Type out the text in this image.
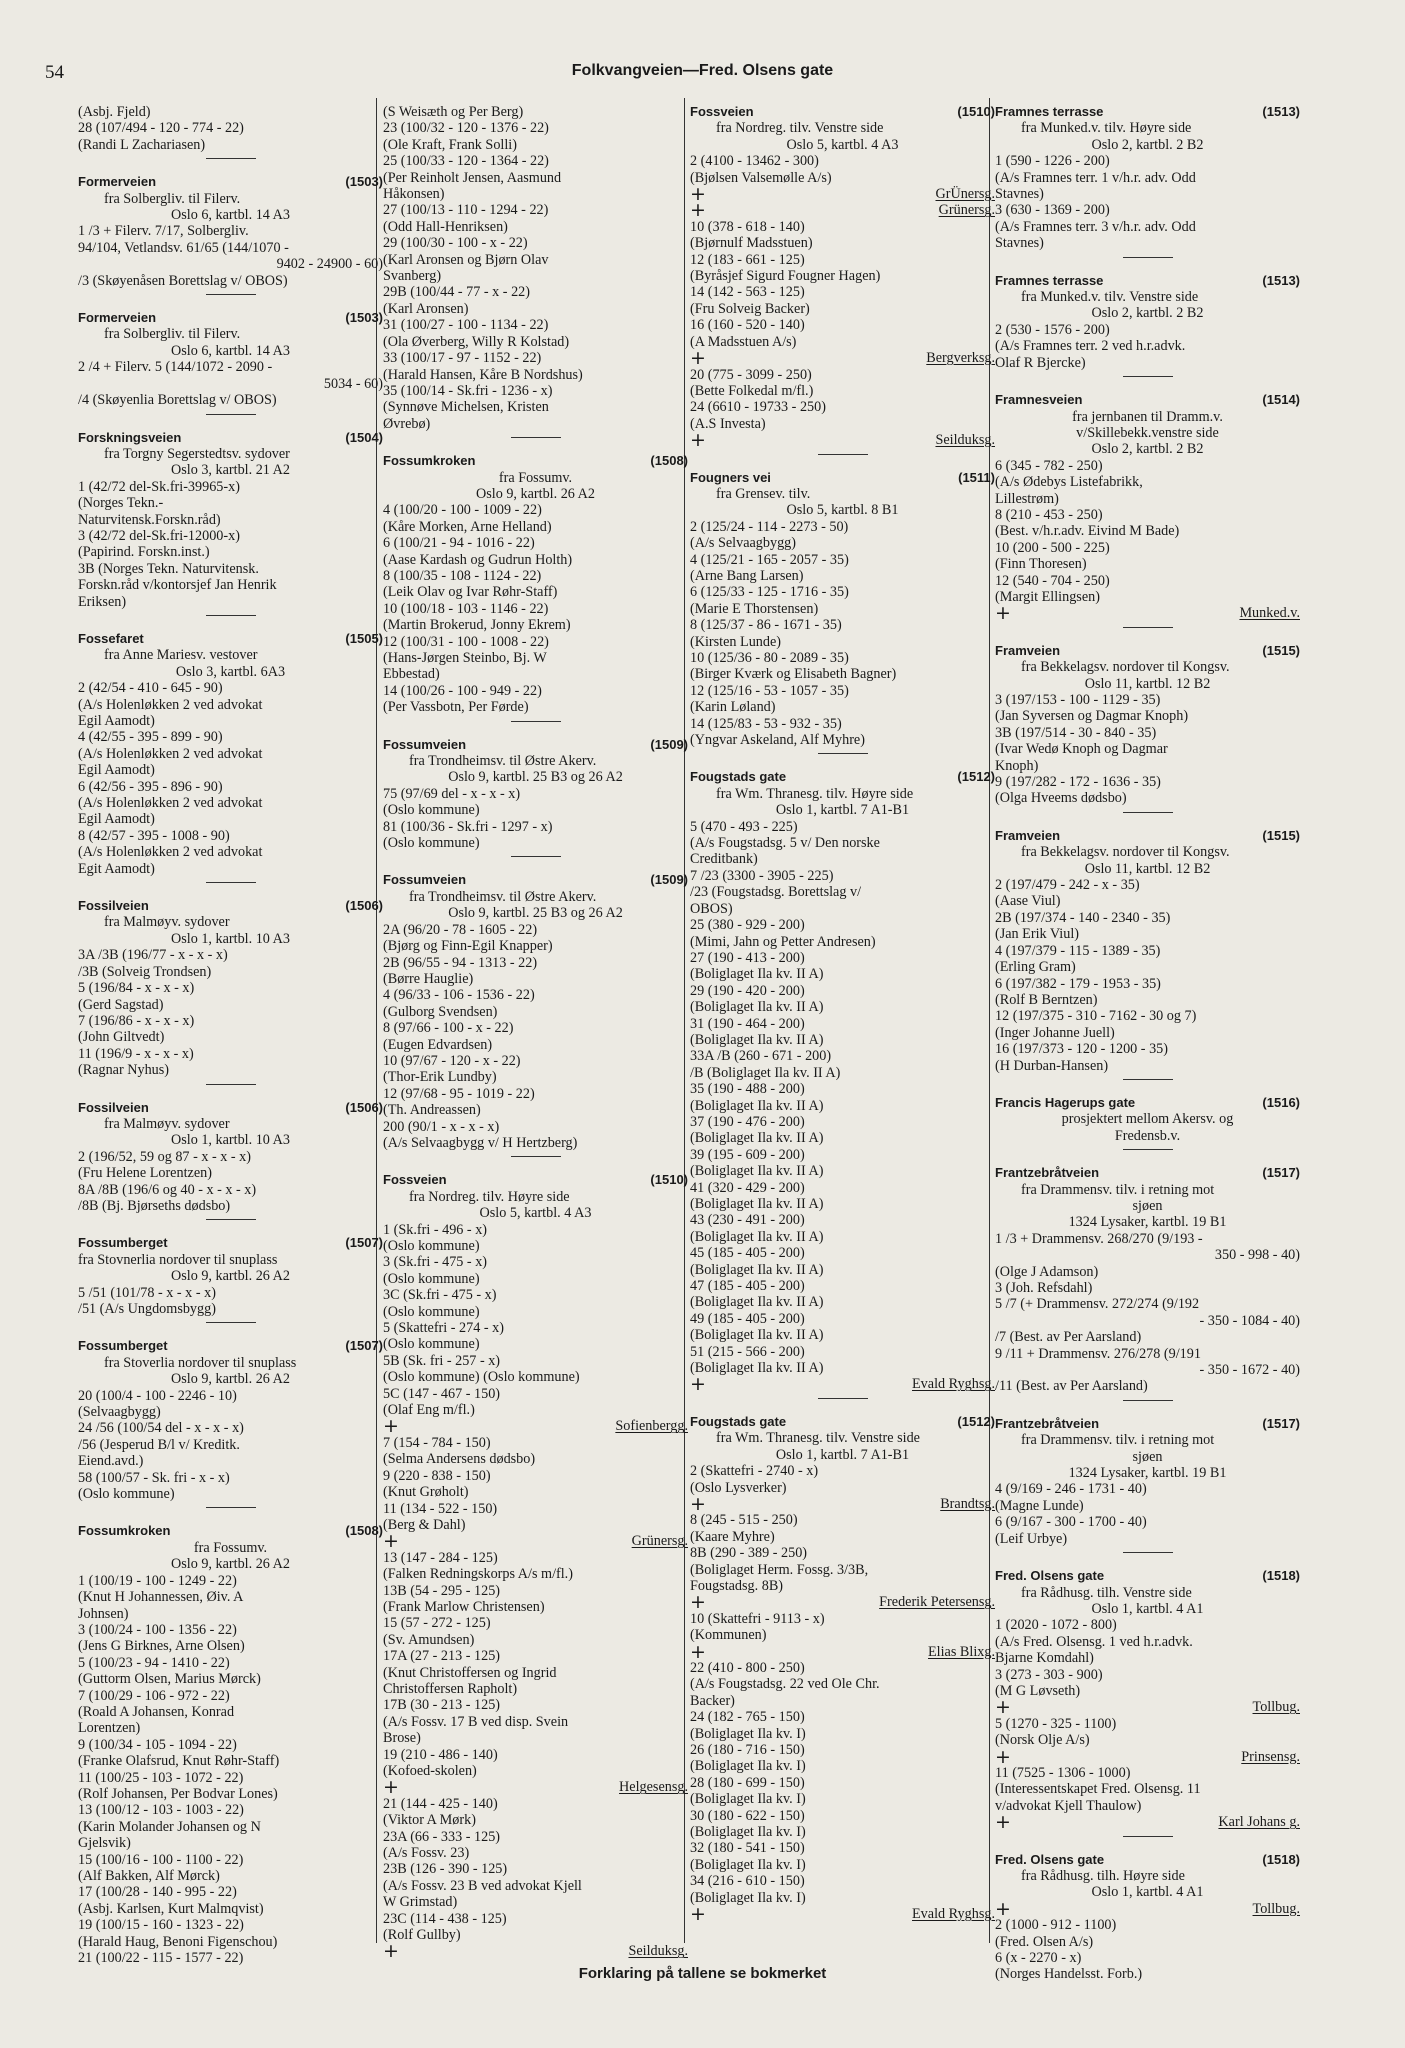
54	Folkvangveien—Fred. Olsens gate
(Asbj. Fjeld)
28 (107/494 - 120 - 774 - 22)
(Randi L Zachariasen)
Formerveien	(1503)
fra Solbergliv. til Filerv.
Oslo 6, kartbl. 14 A3
1 /3 + Filerv. 7/17, Solbergliv.
94/104, Vetlandsv. 61/65 (144/1070 -
9402 - 24900 - 60)
/3 (Skøyenåsen Borettslag v/ OBOS)
Formerveien	(1503)
fra Solbergliv. til Filerv.
Oslo 6, kartbl. 14 A3
2 /4 + Filerv. 5 (144/1072 - 2090 -
5034 - 60)
/4 (Skøyenlia Borettslag v/ OBOS)
Forskningsveien	(1504)
fra Torgny Segerstedtsv. sydover
Oslo 3, kartbl. 21 A2
1 (42/72 del-Sk.fri-39965-x)
(Norges Tekn.-
Naturvitensk.Forskn.råd)
3 (42/72 del-Sk.fri-12000-x)
(Papirind. Forskn.inst.)
3B (Norges Tekn. Naturvitensk.
Forskn.råd v/kontorsjef Jan Henrik
Eriksen)
Fossefaret	(1505)
fra Anne Mariesv. vestover
Oslo 3, kartbl. 6A3
2 (42/54 - 410 - 645 - 90)
(A/s Holenløkken 2 ved advokat
Egil Aamodt)
4 (42/55 - 395 - 899 - 90)
(A/s Holenløkken 2 ved advokat
Egil Aamodt)
6 (42/56 - 395 - 896 - 90)
(A/s Holenløkken 2 ved advokat
Egil Aamodt)
8 (42/57 - 395 - 1008 - 90)
(A/s Holenløkken 2 ved advokat
Egit Aamodt)
Fossilveien	(1506)
fra Malmøyv. sydover
Oslo 1, kartbl. 10 A3
3A /3B (196/77 - x - x - x)
/3B (Solveig Trondsen)
5 (196/84 - x - x - x)
(Gerd Sagstad)
7 (196/86 - x - x - x)
(John Giltvedt)
11 (196/9 - x - x - x)
(Ragnar Nyhus)
Fossilveien	(1506)
fra Malmøyv. sydover
Oslo 1, kartbl. 10 A3
2 (196/52, 59 og 87 - x - x - x)
(Fru Helene Lorentzen)
8A /8B (196/6 og 40 - x - x - x)
/8B (Bj. Bjørseths dødsbo)
Fossumberget	(1507)
fra Stovnerlia nordover til snuplass
Oslo 9, kartbl. 26 A2
5 /51 (101/78 - x - x - x)
/51 (A/s Ungdomsbygg)
Fossumberget	(1507)
fra Stoverlia nordover til snuplass
Oslo 9, kartbl. 26 A2
20 (100/4 - 100 - 2246 - 10)
(Selvaagbygg)
24 /56 (100/54 del - x - x - x)
/56 (Jesperud B/l v/ Kreditk.
Eiend.avd.)
58 (100/57 - Sk. fri - x - x)
(Oslo kommune)
Fossumkroken	(1508)
fra Fossumv.
Oslo 9, kartbl. 26 A2
1 (100/19 - 100 - 1249 - 22)
(Knut H Johannessen, Øiv. A
Johnsen)
3 (100/24 - 100 - 1356 - 22)
(Jens G Birknes, Arne Olsen)
5 (100/23 - 94 - 1410 - 22)
(Guttorm Olsen, Marius Mørck)
7 (100/29 - 106 - 972 - 22)
(Roald A Johansen, Konrad
Lorentzen)
9 (100/34 - 105 - 1094 - 22)
(Franke Olafsrud, Knut Røhr-Staff)
11 (100/25 - 103 - 1072 - 22)
(Rolf Johansen, Per Bodvar Lones)
13 (100/12 - 103 - 1003 - 22)
(Karin Molander Johansen og N
Gjelsvik)
15 (100/16 - 100 - 1100 - 22)
(Alf Bakken, Alf Mørck)
17 (100/28 - 140 - 995 - 22)
(Asbj. Karlsen, Kurt Malmqvist)
19 (100/15 - 160 - 1323 - 22)
(Harald Haug, Benoni Figenschou)
21 (100/22 - 115 - 1577 - 22)
(S Weisæth og Per Berg)
23 (100/32 - 120 - 1376 - 22)
(Ole Kraft, Frank Solli)
25 (100/33 - 120 - 1364 - 22)
(Per Reinholt Jensen, Aasmund
Håkonsen)
27 (100/13 - 110 - 1294 - 22)
(Odd Hall-Henriksen)
29 (100/30 - 100 - x - 22)
(Karl Aronsen og Bjørn Olav
Svanberg)
29B (100/44 - 77 - x - 22)
(Karl Aronsen)
31 (100/27 - 100 - 1134 - 22)
(Ola Øverberg, Willy R Kolstad)
33 (100/17 - 97 - 1152 - 22)
(Harald Hansen, Kåre B Nordshus)
35 (100/14 - Sk.fri - 1236 - x)
(Synnøve Michelsen, Kristen
Øvrebø)
Fossumkroken	(1508)
fra Fossumv.
Oslo 9, kartbl. 26 A2
4 (100/20 - 100 - 1009 - 22)
(Kåre Morken, Arne Helland)
6 (100/21 - 94 - 1016 - 22)
(Aase Kardash og Gudrun Holth)
8 (100/35 - 108 - 1124 - 22)
(Leik Olav og Ivar Røhr-Staff)
10 (100/18 - 103 - 1146 - 22)
(Martin Brokerud, Jonny Ekrem)
12 (100/31 - 100 - 1008 - 22)
(Hans-Jørgen Steinbo, Bj. W
Ebbestad)
14 (100/26 - 100 - 949 - 22)
(Per Vassbotn, Per Førde)
Fossumveien	(1509)
fra Trondheimsv. til Østre Akerv.
Oslo 9, kartbl. 25 B3 og 26 A2
75 (97/69 del - x - x - x)
(Oslo kommune)
81 (100/36 - Sk.fri - 1297 - x)
(Oslo kommune)
Fossumveien	(1509)
fra Trondheimsv. til Østre Akerv.
Oslo 9, kartbl. 25 B3 og 26 A2
2A (96/20 - 78 - 1605 - 22)
(Bjørg og Finn-Egil Knapper)
2B (96/55 - 94 - 1313 - 22)
(Børre Hauglie)
4 (96/33 - 106 - 1536 - 22)
(Gulborg Svendsen)
8 (97/66 - 100 - x - 22)
(Eugen Edvardsen)
10 (97/67 - 120 - x - 22)
(Thor-Erik Lundby)
12 (97/68 - 95 - 1019 - 22)
(Th. Andreassen)
200 (90/1 - x - x - x)
(A/s Selvaagbygg v/ H Hertzberg)
Fossveien	(1510)
fra Nordreg. tilv. Høyre side
Oslo 5, kartbl. 4 A3
1 (Sk.fri - 496 - x)
(Oslo kommune)
3 (Sk.fri - 475 - x)
(Oslo kommune)
3C (Sk.fri - 475 - x)
(Oslo kommune)
5 (Skattefri - 274 - x)
(Oslo kommune)
5B (Sk. fri - 257 - x)
(Oslo kommune) (Oslo kommune)
5C (147 - 467 - 150)
(Olaf Eng m/fl.)
+	Sofienbergg.
7 (154 - 784 - 150)
(Selma Andersens dødsbo)
9 (220 - 838 - 150)
(Knut Grøholt)
11 (134 - 522 - 150)
(Berg & Dahl)
+	Grünersg.
13 (147 - 284 - 125)
(Falken Redningskorps A/s m/fl.)
13B (54 - 295 - 125)
(Frank Marlow Christensen)
15 (57 - 272 - 125)
(Sv. Amundsen)
17A (27 - 213 - 125)
(Knut Christoffersen og Ingrid
Christoffersen Rapholt)
17B (30 - 213 - 125)
(A/s Fossv. 17 B ved disp. Svein
Brose)
19 (210 - 486 - 140)
(Kofoed-skolen)
+	Helgesensg.
21 (144 - 425 - 140)
(Viktor A Mørk)
23A (66 - 333 - 125)
(A/s Fossv. 23)
23B (126 - 390 - 125)
(A/s Fossv. 23 B ved advokat Kjell
W Grimstad)
23C (114 - 438 - 125)
(Rolf Gullby)
+	Seilduksg.
Fossveien	(1510)
fra Nordreg. tilv. Venstre side
Oslo 5, kartbl. 4 A3
2 (4100 - 13462 - 300)
(Bjølsen Valsemølle A/s)
+	GrÜnersg.
+	Grünersg.
10 (378 - 618 - 140)
(Bjørnulf Madsstuen)
12 (183 - 661 - 125)
(Byråsjef Sigurd Fougner Hagen)
14 (142 - 563 - 125)
(Fru Solveig Backer)
16 (160 - 520 - 140)
(A Madsstuen A/s)
+	Bergverksg.
20 (775 - 3099 - 250)
(Bette Folkedal m/fl.)
24 (6610 - 19733 - 250)
(A.S Investa)
+	Seilduksg.
Fougners vei	(1511)
fra Grensev. tilv.
Oslo 5, kartbl. 8 B1
2 (125/24 - 114 - 2273 - 50)
(A/s Selvaagbygg)
4 (125/21 - 165 - 2057 - 35)
(Arne Bang Larsen)
6 (125/33 - 125 - 1716 - 35)
(Marie E Thorstensen)
8 (125/37 - 86 - 1671 - 35)
(Kirsten Lunde)
10 (125/36 - 80 - 2089 - 35)
(Birger Kværk og Elisabeth Bagner)
12 (125/16 - 53 - 1057 - 35)
(Karin Løland)
14 (125/83 - 53 - 932 - 35)
(Yngvar Askeland, Alf Myhre)
Fougstads gate	(1512)
fra Wm. Thranesg. tilv. Høyre side
Oslo 1, kartbl. 7 A1-B1
5 (470 - 493 - 225)
(A/s Fougstadsg. 5 v/ Den norske
Creditbank)
7 /23 (3300 - 3905 - 225)
/23 (Fougstadsg. Borettslag v/
OBOS)
25 (380 - 929 - 200)
(Mimi, Jahn og Petter Andresen)
27 (190 - 413 - 200)
(Boliglaget Ila kv. II A)
29 (190 - 420 - 200)
(Boliglaget Ila kv. II A)
31 (190 - 464 - 200)
(Boliglaget Ila kv. II A)
33A /B (260 - 671 - 200)
/B (Boliglaget Ila kv. II A)
35 (190 - 488 - 200)
(Boliglaget Ila kv. II A)
37 (190 - 476 - 200)
(Boliglaget Ila kv. II A)
39 (195 - 609 - 200)
(Boliglaget Ila kv. II A)
41 (320 - 429 - 200)
(Boliglaget Ila kv. II A)
43 (230 - 491 - 200)
(Boliglaget Ila kv. II A)
45 (185 - 405 - 200)
(Boliglaget Ila kv. II A)
47 (185 - 405 - 200)
(Boliglaget Ila kv. II A)
49 (185 - 405 - 200)
(Boliglaget Ila kv. II A)
51 (215 - 566 - 200)
(Boliglaget Ila kv. II A)
+	Evald Ryghsg.
Fougstads gate	(1512)
fra Wm. Thranesg. tilv. Venstre side
Oslo 1, kartbl. 7 A1-B1
2 (Skattefri - 2740 - x)
(Oslo Lysverker)
+	Brandtsg.
8 (245 - 515 - 250)
(Kaare Myhre)
8B (290 - 389 - 250)
(Boliglaget Herm. Fossg. 3/3B,
Fougstadsg. 8B)
+	Frederik Petersensg.
10 (Skattefri - 9113 - x)
(Kommunen)
+	Elias Blixg.
22 (410 - 800 - 250)
(A/s Fougstadsg. 22 ved Ole Chr.
Backer)
24 (182 - 765 - 150)
(Boliglaget Ila kv. I)
26 (180 - 716 - 150)
(Boliglaget Ila kv. I)
28 (180 - 699 - 150)
(Boliglaget Ila kv. I)
30 (180 - 622 - 150)
(Boliglaget Ila kv. I)
32 (180 - 541 - 150)
(Boliglaget Ila kv. I)
34 (216 - 610 - 150)
(Boliglaget Ila kv. I)
+	Evald Ryghsg.
Framnes terrasse	(1513)
fra Munked.v. tilv. Høyre side
Oslo 2, kartbl. 2 B2
1 (590 - 1226 - 200)
(A/s Framnes terr. 1 v/h.r. adv. Odd
Stavnes)
3 (630 - 1369 - 200)
(A/s Framnes terr. 3 v/h.r. adv. Odd
Stavnes)
Framnes terrasse	(1513)
fra Munked.v. tilv. Venstre side
Oslo 2, kartbl. 2 B2
2 (530 - 1576 - 200)
(A/s Framnes terr. 2 ved h.r.advk.
Olaf R Bjercke)
Framnesveien	(1514)
fra jernbanen til Dramm.v.
v/Skillebekk.venstre side
Oslo 2, kartbl. 2 B2
6 (345 - 782 - 250)
(A/s Ødebys Listefabrikk,
Lillestrøm)
8 (210 - 453 - 250)
(Best. v/h.r.adv. Eivind M Bade)
10 (200 - 500 - 225)
(Finn Thoresen)
12 (540 - 704 - 250)
(Margit Ellingsen)
+	Munked.v.
Framveien	(1515)
fra Bekkelagsv. nordover til Kongsv.
Oslo 11, kartbl. 12 B2
3 (197/153 - 100 - 1129 - 35)
(Jan Syversen og Dagmar Knoph)
3B (197/514 - 30 - 840 - 35)
(Ivar Wedø Knoph og Dagmar
Knoph)
9 (197/282 - 172 - 1636 - 35)
(Olga Hveems dødsbo)
Framveien	(1515)
fra Bekkelagsv. nordover til Kongsv.
Oslo 11, kartbl. 12 B2
2 (197/479 - 242 - x - 35)
(Aase Viul)
2B (197/374 - 140 - 2340 - 35)
(Jan Erik Viul)
4 (197/379 - 115 - 1389 - 35)
(Erling Gram)
6 (197/382 - 179 - 1953 - 35)
(Rolf B Berntzen)
12 (197/375 - 310 - 7162 - 30 og 7)
(Inger Johanne Juell)
16 (197/373 - 120 - 1200 - 35)
(H Durban-Hansen)
Francis Hagerups gate	(1516)
prosjektert mellom Akersv. og
Fredensb.v.
Frantzebråtveien	(1517)
fra Drammensv. tilv. i retning mot
sjøen
1324 Lysaker, kartbl. 19 B1
1 /3 + Drammensv. 268/270 (9/193 -
350 - 998 - 40)
(Olge J Adamson)
3 (Joh. Refsdahl)
5 /7 (+ Drammensv. 272/274 (9/192
- 350 - 1084 - 40)
/7 (Best. av Per Aarsland)
9 /11 + Drammensv. 276/278 (9/191
- 350 - 1672 - 40)
/11 (Best. av Per Aarsland)
Frantzebråtveien	(1517)
fra Drammensv. tilv. i retning mot
sjøen
1324 Lysaker, kartbl. 19 B1
4 (9/169 - 246 - 1731 - 40)
(Magne Lunde)
6 (9/167 - 300 - 1700 - 40)
(Leif Urbye)
Fred. Olsens gate	(1518)
fra Rådhusg. tilh. Venstre side
Oslo 1, kartbl. 4 A1
1 (2020 - 1072 - 800)
(A/s Fred. Olsensg. 1 ved h.r.advk.
Bjarne Komdahl)
3 (273 - 303 - 900)
(M G Løvseth)
+	Tollbug.
5 (1270 - 325 - 1100)
(Norsk Olje A/s)
+	Prinsensg.
11 (7525 - 1306 - 1000)
(Interessentskapet Fred. Olsensg. 11
v/advokat Kjell Thaulow)
+	Karl Johans g.
Fred. Olsens gate	(1518)
fra Rådhusg. tilh. Høyre side
Oslo 1, kartbl. 4 A1
+	Tollbug.
2 (1000 - 912 - 1100)
(Fred. Olsen A/s)
6 (x - 2270 - x)
(Norges Handelsst. Forb.)
Forklaring på tallene se bokmerket
